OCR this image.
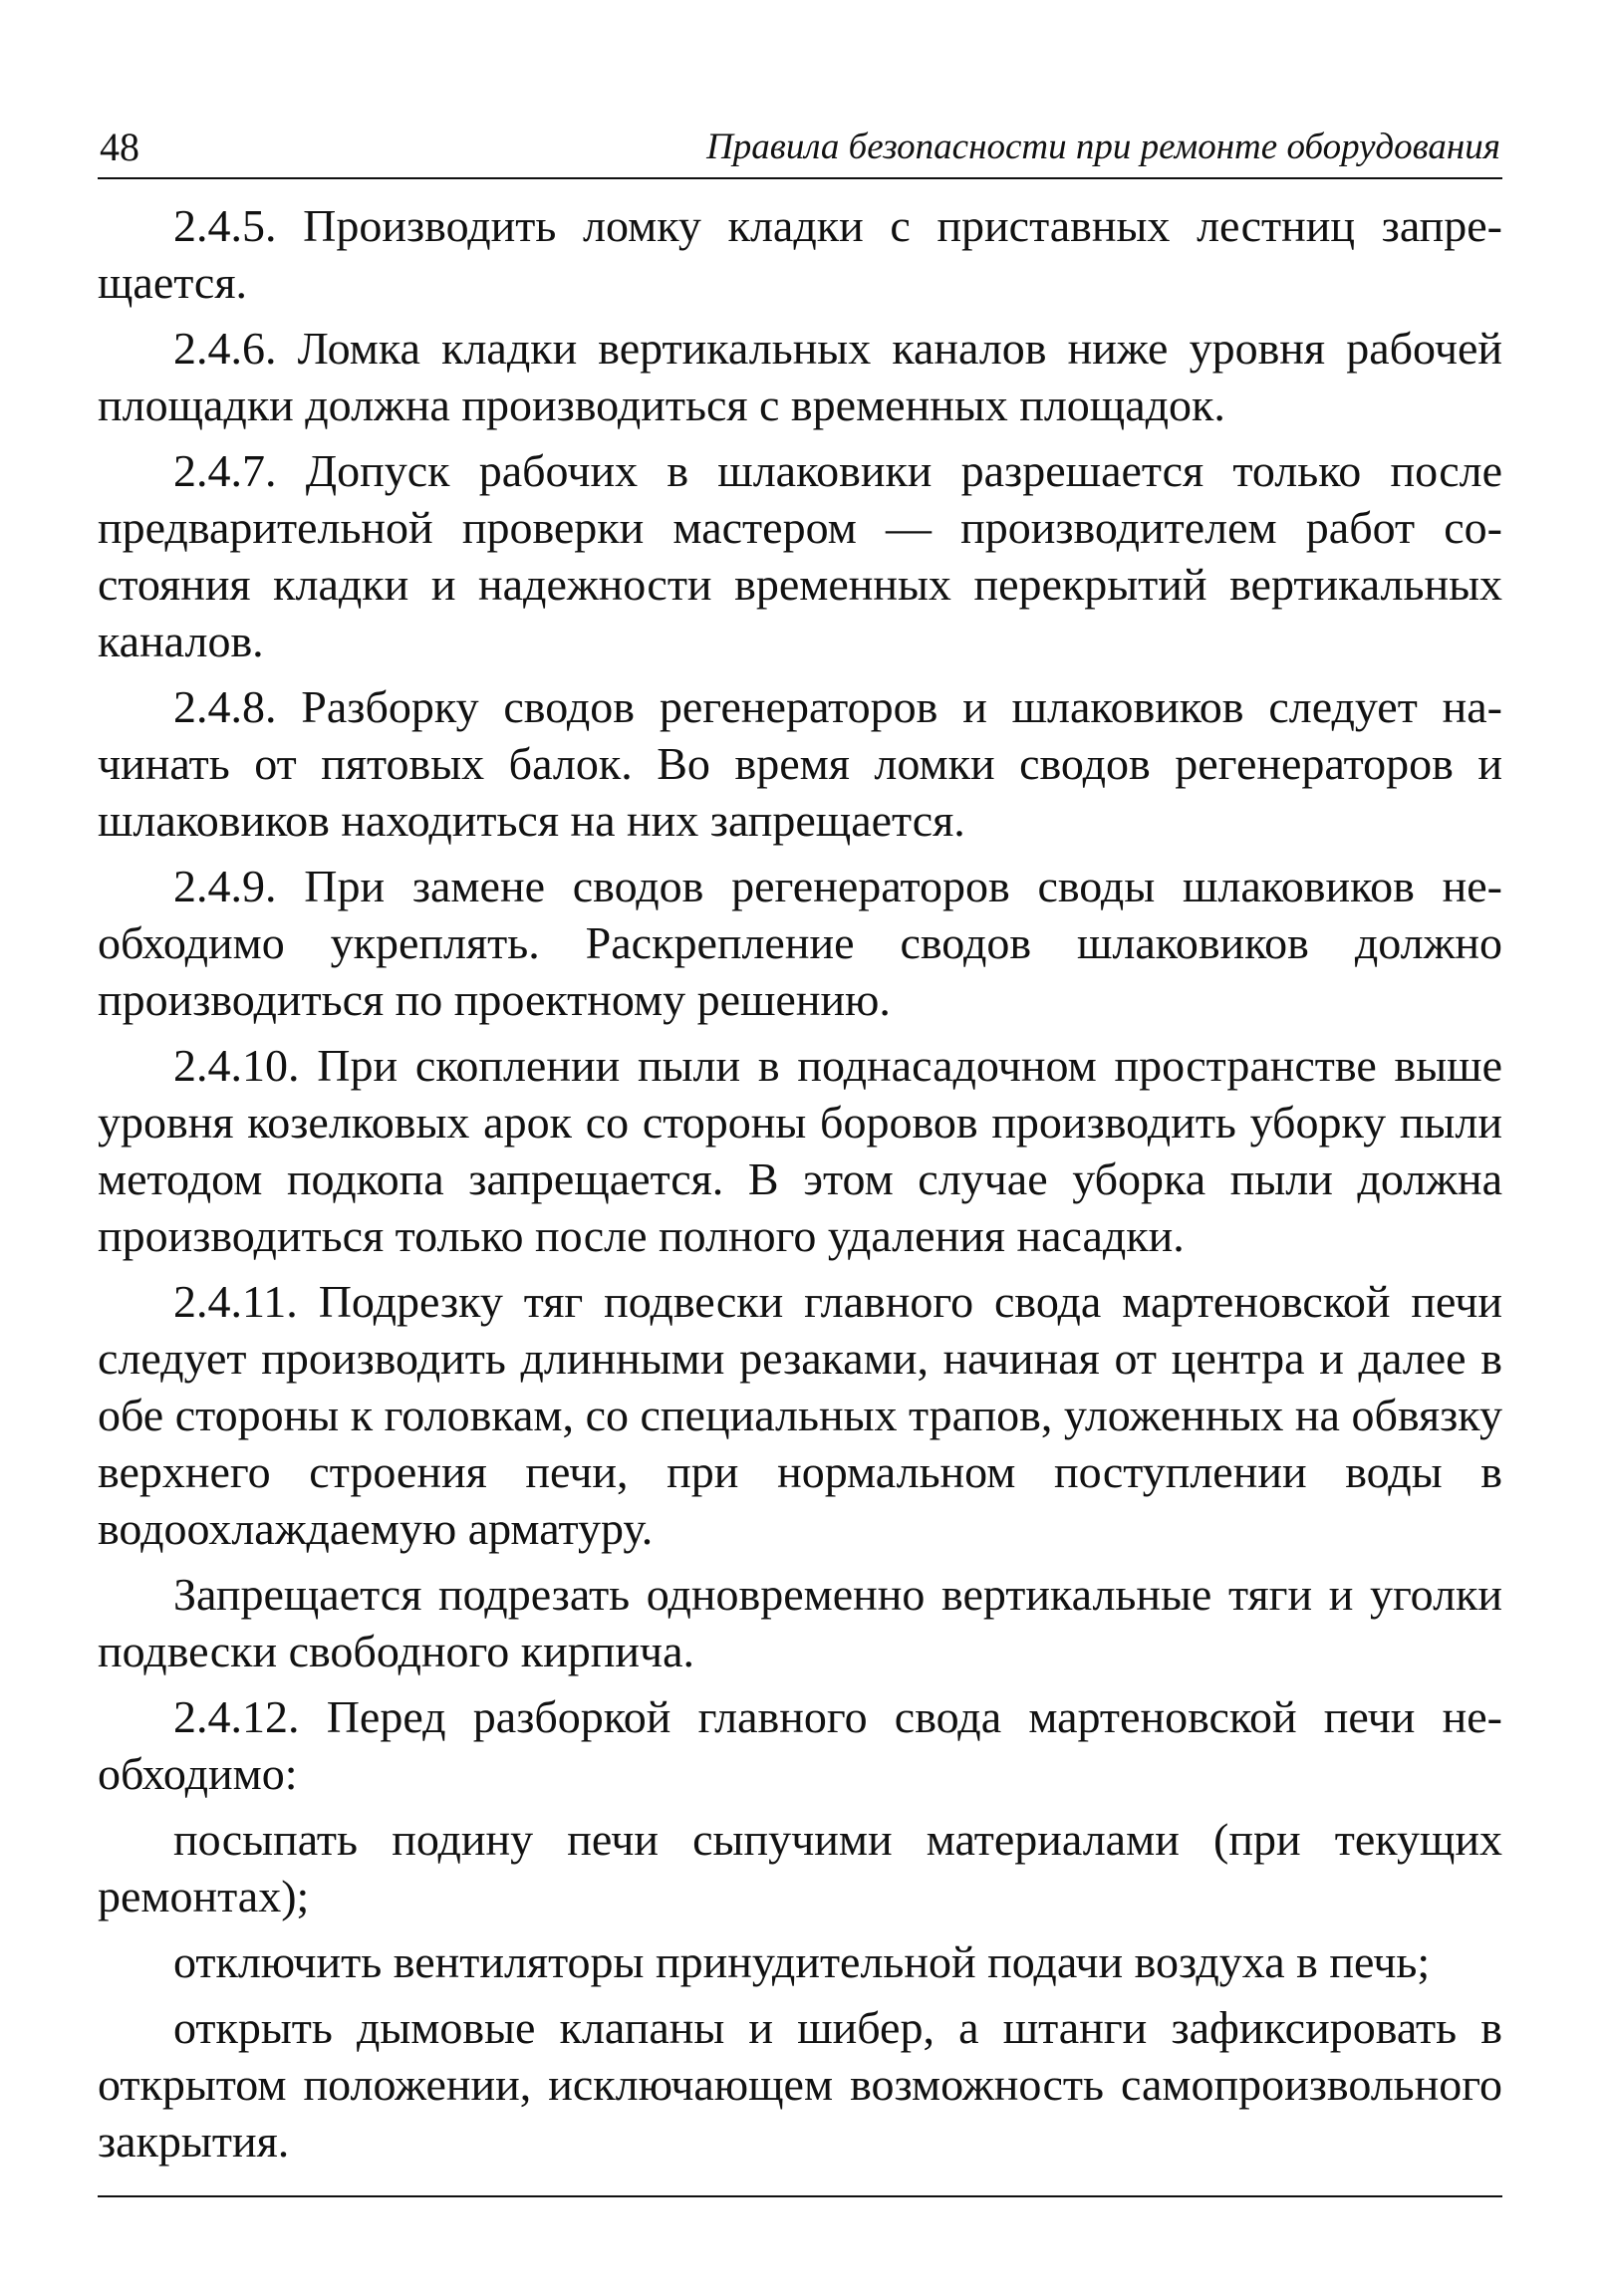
48	Правила безопасности при ремонте оборудования

2.4.5. Производить ломку кладки с приставных лестниц запрещается.

2.4.6. Ломка кладки вертикальных каналов ниже уровня рабочей площадки должна производиться с временных площадок.

2.4.7. Допуск рабочих в шлаковики разрешается только после предварительной проверки мастером — производителем работ состояния кладки и надежности временных перекрытий вертикальных каналов.

2.4.8. Разборку сводов регенераторов и шлаковиков следует начинать от пятовых балок. Во время ломки сводов регенераторов и шлаковиков находиться на них запрещается.

2.4.9. При замене сводов регенераторов своды шлаковиков необходимо укреплять. Раскрепление сводов шлаковиков должно производиться по проектному решению.

2.4.10. При скоплении пыли в поднасадочном пространстве выше уровня козелковых арок со стороны боровов производить уборку пыли методом подкопа запрещается. В этом случае уборка пыли должна производиться только после полного удаления насадки.

2.4.11. Подрезку тяг подвески главного свода мартеновской печи следует производить длинными резаками, начиная от центра и далее в обе стороны к головкам, со специальных трапов, уложенных на обвязку верхнего строения печи, при нормальном поступлении воды в водоохлаждаемую арматуру.

Запрещается подрезать одновременно вертикальные тяги и уголки подвески свободного кирпича.

2.4.12. Перед разборкой главного свода мартеновской печи необходимо:

посыпать подину печи сыпучими материалами (при текущих ремонтах);

отключить вентиляторы принудительной подачи воздуха в печь;

открыть дымовые клапаны и шибер, а штанги зафиксировать в открытом положении, исключающем возможность самопроизвольного закрытия.
